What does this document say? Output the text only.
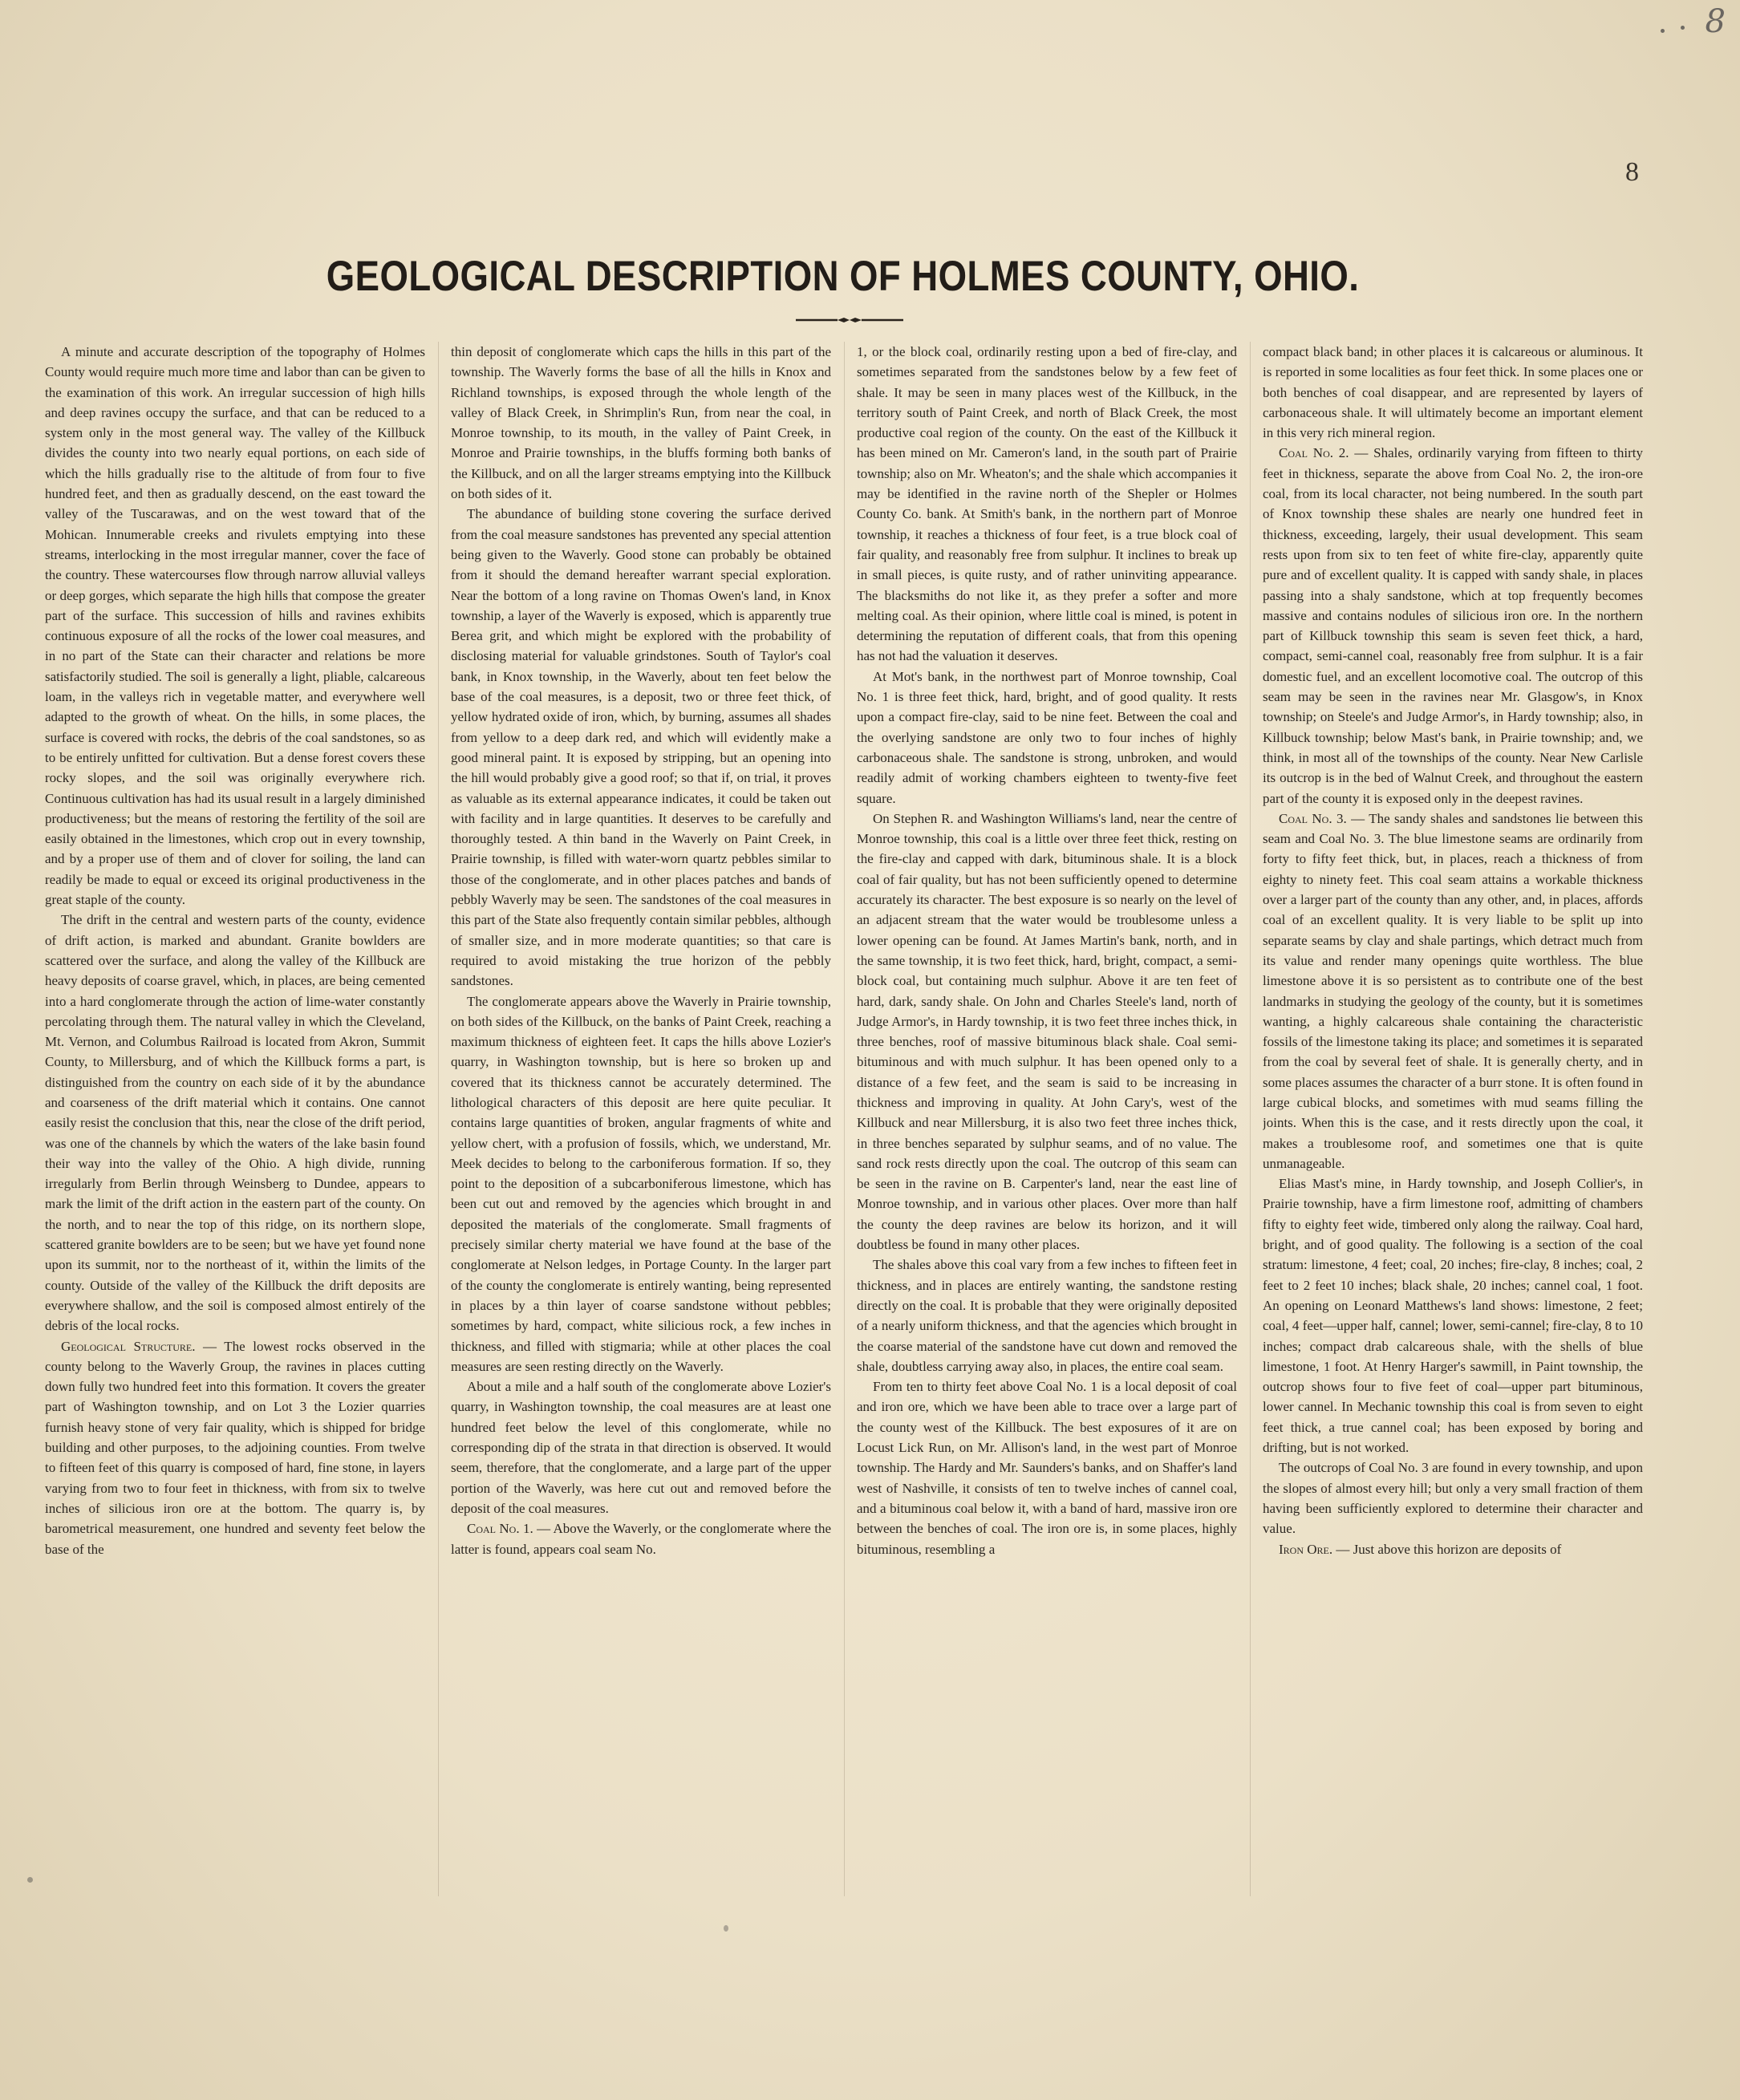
8
8
GEOLOGICAL DESCRIPTION OF HOLMES COUNTY, OHIO.

A minute and accurate description of the topography of Holmes County would require much more time and labor than can be given to the examination of this work. An irregular succession of high hills and deep ravines occupy the surface, and that can be reduced to a system only in the most general way. The valley of the Killbuck divides the county into two nearly equal portions, on each side of which the hills gradually rise to the altitude of from four to five hundred feet, and then as gradually descend, on the east toward the valley of the Tuscarawas, and on the west toward that of the Mohican. Innumerable creeks and rivulets emptying into these streams, interlocking in the most irregular manner, cover the face of the country. These watercourses flow through narrow alluvial valleys or deep gorges, which separate the high hills that compose the greater part of the surface. This succession of hills and ravines exhibits continuous exposure of all the rocks of the lower coal measures, and in no part of the State can their character and relations be more satisfactorily studied. The soil is generally a light, pliable, calcareous loam, in the valleys rich in vegetable matter, and everywhere well adapted to the growth of wheat. On the hills, in some places, the surface is covered with rocks, the debris of the coal sandstones, so as to be entirely unfitted for cultivation. But a dense forest covers these rocky slopes, and the soil was originally everywhere rich. Continuous cultivation has had its usual result in a largely diminished productiveness; but the means of restoring the fertility of the soil are easily obtained in the limestones, which crop out in every township, and by a proper use of them and of clover for soiling, the land can readily be made to equal or exceed its original productiveness in the great staple of the county.

The drift in the central and western parts of the county, evidence of drift action, is marked and abundant. Granite bowlders are scattered over the surface, and along the valley of the Killbuck are heavy deposits of coarse gravel, which, in places, are being cemented into a hard conglomerate through the action of lime-water constantly percolating through them. The natural valley in which the Cleveland, Mt. Vernon, and Columbus Railroad is located from Akron, Summit County, to Millersburg, and of which the Killbuck forms a part, is distinguished from the country on each side of it by the abundance and coarseness of the drift material which it contains. One cannot easily resist the conclusion that this, near the close of the drift period, was one of the channels by which the waters of the lake basin found their way into the valley of the Ohio. A high divide, running irregularly from Berlin through Weinsberg to Dundee, appears to mark the limit of the drift action in the eastern part of the county. On the north, and to near the top of this ridge, on its northern slope, scattered granite bowlders are to be seen; but we have yet found none upon its summit, nor to the northeast of it, within the limits of the county. Outside of the valley of the Killbuck the drift deposits are everywhere shallow, and the soil is composed almost entirely of the debris of the local rocks.

Geological Structure. — The lowest rocks observed in the county belong to the Waverly Group, the ravines in places cutting down fully two hundred feet into this formation. It covers the greater part of Washington township, and on Lot 3 the Lozier quarries furnish heavy stone of very fair quality, which is shipped for bridge building and other purposes, to the adjoining counties. From twelve to fifteen feet of this quarry is composed of hard, fine stone, in layers varying from two to four feet in thickness, with from six to twelve inches of silicious iron ore at the bottom. The quarry is, by barometrical measurement, one hundred and seventy feet below the base of the

thin deposit of conglomerate which caps the hills in this part of the township. The Waverly forms the base of all the hills in Knox and Richland townships, is exposed through the whole length of the valley of Black Creek, in Shrimplin's Run, from near the coal, in Monroe township, to its mouth, in the valley of Paint Creek, in Monroe and Prairie townships, in the bluffs forming both banks of the Killbuck, and on all the larger streams emptying into the Killbuck on both sides of it.

The abundance of building stone covering the surface derived from the coal measure sandstones has prevented any special attention being given to the Waverly. Good stone can probably be obtained from it should the demand hereafter warrant special exploration. Near the bottom of a long ravine on Thomas Owen's land, in Knox township, a layer of the Waverly is exposed, which is apparently true Berea grit, and which might be explored with the probability of disclosing material for valuable grindstones. South of Taylor's coal bank, in Knox township, in the Waverly, about ten feet below the base of the coal measures, is a deposit, two or three feet thick, of yellow hydrated oxide of iron, which, by burning, assumes all shades from yellow to a deep dark red, and which will evidently make a good mineral paint. It is exposed by stripping, but an opening into the hill would probably give a good roof; so that if, on trial, it proves as valuable as its external appearance indicates, it could be taken out with facility and in large quantities. It deserves to be carefully and thoroughly tested. A thin band in the Waverly on Paint Creek, in Prairie township, is filled with water-worn quartz pebbles similar to those of the conglomerate, and in other places patches and bands of pebbly Waverly may be seen. The sandstones of the coal measures in this part of the State also frequently contain similar pebbles, although of smaller size, and in more moderate quantities; so that care is required to avoid mistaking the true horizon of the pebbly sandstones.

The conglomerate appears above the Waverly in Prairie township, on both sides of the Killbuck, on the banks of Paint Creek, reaching a maximum thickness of eighteen feet. It caps the hills above Lozier's quarry, in Washington township, but is here so broken up and covered that its thickness cannot be accurately determined. The lithological characters of this deposit are here quite peculiar. It contains large quantities of broken, angular fragments of white and yellow chert, with a profusion of fossils, which, we understand, Mr. Meek decides to belong to the carboniferous formation. If so, they point to the deposition of a subcarboniferous limestone, which has been cut out and removed by the agencies which brought in and deposited the materials of the conglomerate. Small fragments of precisely similar cherty material we have found at the base of the conglomerate at Nelson ledges, in Portage County. In the larger part of the county the conglomerate is entirely wanting, being represented in places by a thin layer of coarse sandstone without pebbles; sometimes by hard, compact, white silicious rock, a few inches in thickness, and filled with stigmaria; while at other places the coal measures are seen resting directly on the Waverly.

About a mile and a half south of the conglomerate above Lozier's quarry, in Washington township, the coal measures are at least one hundred feet below the level of this conglomerate, while no corresponding dip of the strata in that direction is observed. It would seem, therefore, that the conglomerate, and a large part of the upper portion of the Waverly, was here cut out and removed before the deposit of the coal measures.

Coal No. 1. — Above the Waverly, or the conglomerate where the latter is found, appears coal seam No.

1, or the block coal, ordinarily resting upon a bed of fire-clay, and sometimes separated from the sandstones below by a few feet of shale. It may be seen in many places west of the Killbuck, in the territory south of Paint Creek, and north of Black Creek, the most productive coal region of the county. On the east of the Killbuck it has been mined on Mr. Cameron's land, in the south part of Prairie township; also on Mr. Wheaton's; and the shale which accompanies it may be identified in the ravine north of the Shepler or Holmes County Co. bank. At Smith's bank, in the northern part of Monroe township, it reaches a thickness of four feet, is a true block coal of fair quality, and reasonably free from sulphur. It inclines to break up in small pieces, is quite rusty, and of rather uninviting appearance. The blacksmiths do not like it, as they prefer a softer and more melting coal. As their opinion, where little coal is mined, is potent in determining the reputation of different coals, that from this opening has not had the valuation it deserves.

At Mot's bank, in the northwest part of Monroe township, Coal No. 1 is three feet thick, hard, bright, and of good quality. It rests upon a compact fire-clay, said to be nine feet. Between the coal and the overlying sandstone are only two to four inches of highly carbonaceous shale. The sandstone is strong, unbroken, and would readily admit of working chambers eighteen to twenty-five feet square.

On Stephen R. and Washington Williams's land, near the centre of Monroe township, this coal is a little over three feet thick, resting on the fire-clay and capped with dark, bituminous shale. It is a block coal of fair quality, but has not been sufficiently opened to determine accurately its character. The best exposure is so nearly on the level of an adjacent stream that the water would be troublesome unless a lower opening can be found. At James Martin's bank, north, and in the same township, it is two feet thick, hard, bright, compact, a semi-block coal, but containing much sulphur. Above it are ten feet of hard, dark, sandy shale. On John and Charles Steele's land, north of Judge Armor's, in Hardy township, it is two feet three inches thick, in three benches, roof of massive bituminous black shale. Coal semi-bituminous and with much sulphur. It has been opened only to a distance of a few feet, and the seam is said to be increasing in thickness and improving in quality. At John Cary's, west of the Killbuck and near Millersburg, it is also two feet three inches thick, in three benches separated by sulphur seams, and of no value. The sand rock rests directly upon the coal. The outcrop of this seam can be seen in the ravine on B. Carpenter's land, near the east line of Monroe township, and in various other places. Over more than half the county the deep ravines are below its horizon, and it will doubtless be found in many other places.

The shales above this coal vary from a few inches to fifteen feet in thickness, and in places are entirely wanting, the sandstone resting directly on the coal. It is probable that they were originally deposited of a nearly uniform thickness, and that the agencies which brought in the coarse material of the sandstone have cut down and removed the shale, doubtless carrying away also, in places, the entire coal seam.

From ten to thirty feet above Coal No. 1 is a local deposit of coal and iron ore, which we have been able to trace over a large part of the county west of the Killbuck. The best exposures of it are on Locust Lick Run, on Mr. Allison's land, in the west part of Monroe township. The Hardy and Mr. Saunders's banks, and on Shaffer's land west of Nashville, it consists of ten to twelve inches of cannel coal, and a bituminous coal below it, with a band of hard, massive iron ore between the benches of coal. The iron ore is, in some places, highly bituminous, resembling a

compact black band; in other places it is calcareous or aluminous. It is reported in some localities as four feet thick. In some places one or both benches of coal disappear, and are represented by layers of carbonaceous shale. It will ultimately become an important element in this very rich mineral region.

Coal No. 2. — Shales, ordinarily varying from fifteen to thirty feet in thickness, separate the above from Coal No. 2, the iron-ore coal, from its local character, not being numbered. In the south part of Knox township these shales are nearly one hundred feet in thickness, exceeding, largely, their usual development. This seam rests upon from six to ten feet of white fire-clay, apparently quite pure and of excellent quality. It is capped with sandy shale, in places passing into a shaly sandstone, which at top frequently becomes massive and contains nodules of silicious iron ore. In the northern part of Killbuck township this seam is seven feet thick, a hard, compact, semi-cannel coal, reasonably free from sulphur. It is a fair domestic fuel, and an excellent locomotive coal. The outcrop of this seam may be seen in the ravines near Mr. Glasgow's, in Knox township; on Steele's and Judge Armor's, in Hardy township; also, in Killbuck township; below Mast's bank, in Prairie township; and, we think, in most all of the townships of the county. Near New Carlisle its outcrop is in the bed of Walnut Creek, and throughout the eastern part of the county it is exposed only in the deepest ravines.

Coal No. 3. — The sandy shales and sandstones lie between this seam and Coal No. 3. The blue limestone seams are ordinarily from forty to fifty feet thick, but, in places, reach a thickness of from eighty to ninety feet. This coal seam attains a workable thickness over a larger part of the county than any other, and, in places, affords coal of an excellent quality. It is very liable to be split up into separate seams by clay and shale partings, which detract much from its value and render many openings quite worthless. The blue limestone above it is so persistent as to contribute one of the best landmarks in studying the geology of the county, but it is sometimes wanting, a highly calcareous shale containing the characteristic fossils of the limestone taking its place; and sometimes it is separated from the coal by several feet of shale. It is generally cherty, and in some places assumes the character of a burr stone. It is often found in large cubical blocks, and sometimes with mud seams filling the joints. When this is the case, and it rests directly upon the coal, it makes a troublesome roof, and sometimes one that is quite unmanageable.

Elias Mast's mine, in Hardy township, and Joseph Collier's, in Prairie township, have a firm limestone roof, admitting of chambers fifty to eighty feet wide, timbered only along the railway. Coal hard, bright, and of good quality. The following is a section of the coal stratum: limestone, 4 feet; coal, 20 inches; fire-clay, 8 inches; coal, 2 feet to 2 feet 10 inches; black shale, 20 inches; cannel coal, 1 foot. An opening on Leonard Matthews's land shows: limestone, 2 feet; coal, 4 feet—upper half, cannel; lower, semi-cannel; fire-clay, 8 to 10 inches; compact drab calcareous shale, with the shells of blue limestone, 1 foot. At Henry Harger's sawmill, in Paint township, the outcrop shows four to five feet of coal—upper part bituminous, lower cannel. In Mechanic township this coal is from seven to eight feet thick, a true cannel coal; has been exposed by boring and drifting, but is not worked.

The outcrops of Coal No. 3 are found in every township, and upon the slopes of almost every hill; but only a very small fraction of them having been sufficiently explored to determine their character and value.

Iron Ore. — Just above this horizon are deposits of
